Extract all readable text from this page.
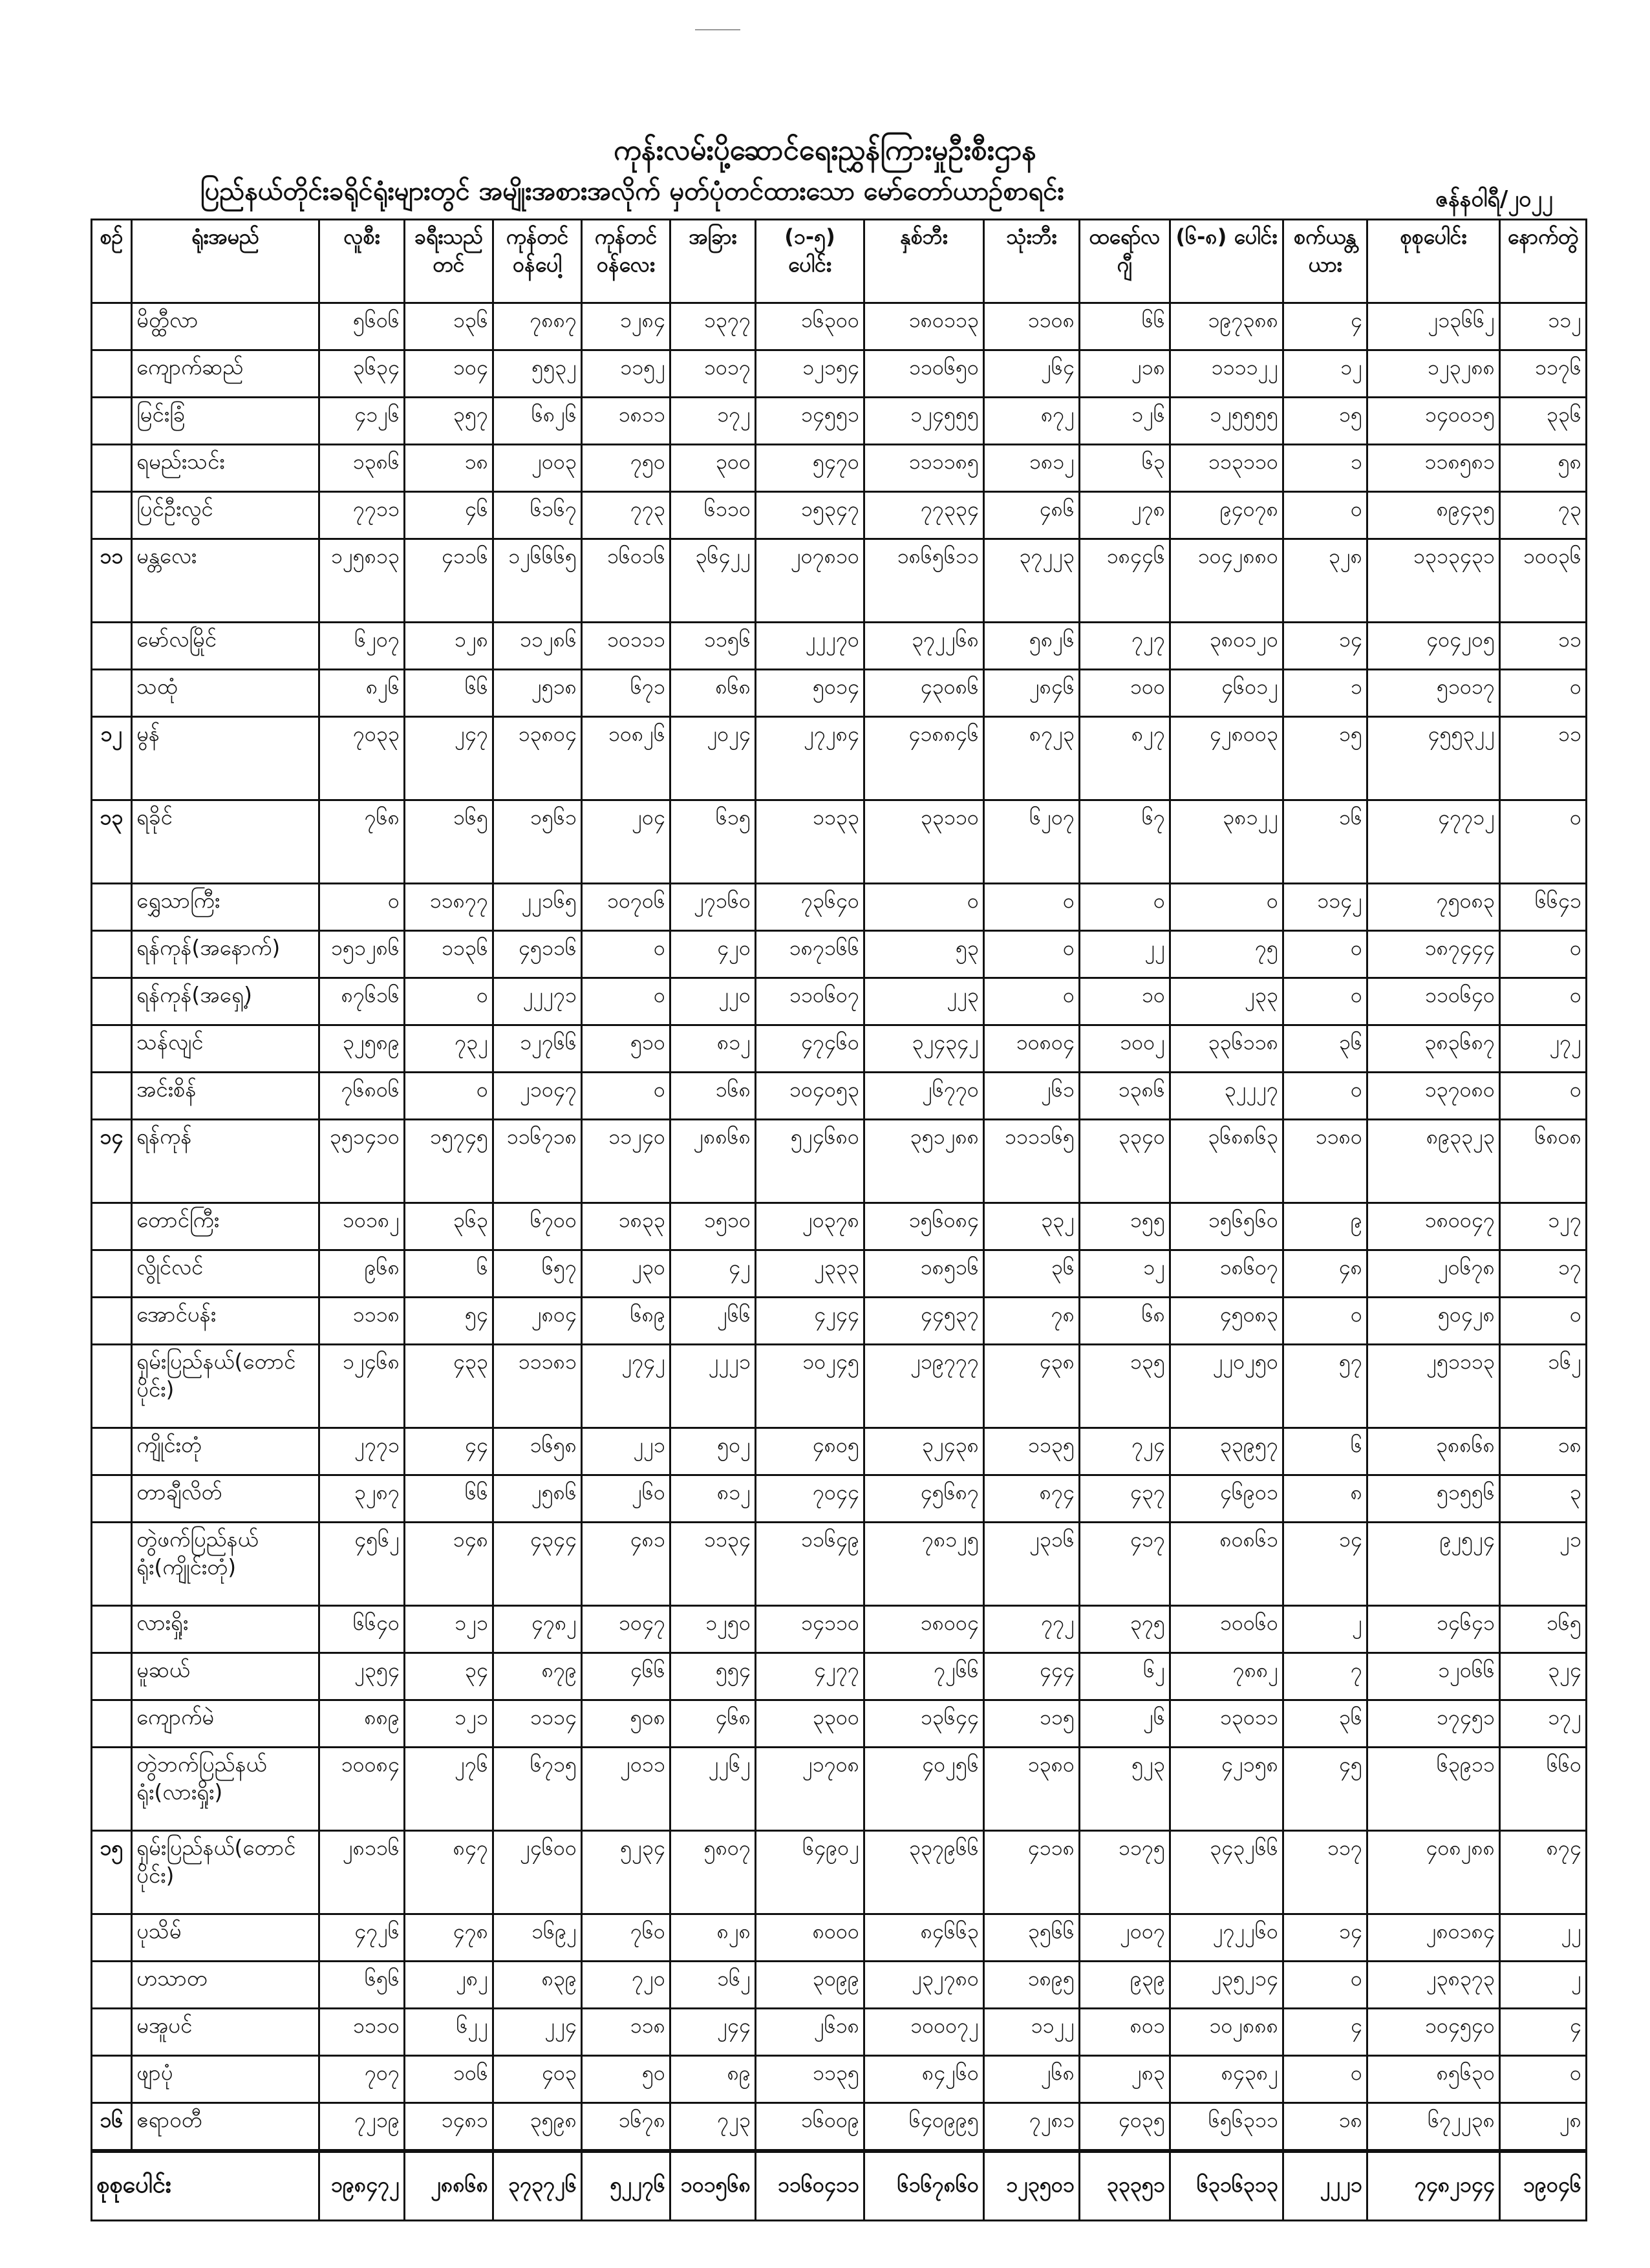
ကုန်းလမ်းပို့ဆောင်ရေးညွှန်ကြားမှုဦးစီးဌာန
ပြည်နယ်တိုင်းခရိုင်ရုံးများတွင် အမျိုးအစားအလိုက် မှတ်ပုံတင်ထားသော မော်တော်ယာဉ်စာရင်း	ဇန်နဝါရီ/၂၀၂၂
စဉ်	ရုံးအမည်	လူစီး	ခရီးသည် တင်	ကုန်တင် ဝန်ပေါ့	ကုန်တင် ဝန်လေး	အခြား	(၁-၅) ပေါင်း	နှစ်ဘီး	သုံးဘီး	ထရော်လ ဂျီ	(၆-၈) ပေါင်း	စက်ယန္တယား	စုစုပေါင်း	နောက်တွဲ
	မိတ္ထီလာ	၅၆၀၆	၁၃၆	၇၈၈၇	၁၂၈၄	၁၃၇၇	၁၆၃၀၀	၁၈၀၁၁၃	၁၁၀၈	၆၆	၁၉၇၃၈၈	၄	၂၁၃၆၆၂	၁၁၂
	ကျောက်ဆည်	၃၆၃၄	၁၀၄	၅၅၃၂	၁၁၅၂	၁၀၁၇	၁၂၁၅၄	၁၁၀၆၅၀	၂၆၄	၂၁၈	၁၁၁၁၂၂	၁၂	၁၂၃၂၈၈	၁၁၇၆
	မြင်းခြံ	၄၁၂၆	၃၅၇	၆၈၂၆	၁၈၁၁	၁၇၂	၁၄၅၅၁	၁၂၄၅၅၅	၈၇၂	၁၂၆	၁၂၅၅၅၅	၁၅	၁၄၀၀၁၅	၃၃၆
	ရမည်းသင်း	၁၃၈၆	၁၈	၂၀၀၃	၇၅၀	၃၀၀	၅၄၇၀	၁၁၁၁၈၅	၁၈၁၂	၆၃	၁၁၃၁၁၀	၁	၁၁၈၅၈၁	၅၈
	ပြင်ဦးလွင်	၇၇၁၁	၄၆	၆၁၆၇	၇၇၃	၆၁၁၀	၁၅၃၄၇	၇၇၃၃၄	၄၈၆	၂၇၈	၉၄၀၇၈	၀	၈၉၄၃၅	၇၃
၁၁	မန္တလေး	၁၂၅၈၁၃	၄၁၁၆	၁၂၆၆၆၅	၁၆၀၁၆	၃၆၄၂၂	၂၀၇၈၁၀	၁၈၆၅၆၁၁	၃၇၂၂၃	၁၈၄၄၆	၁၀၄၂၈၈၀	၃၂၈	၁၃၁၃၄၃၁	၁၀၀၃၆
	မော်လမြိုင်	၆၂၀၇	၁၂၈	၁၁၂၈၆	၁၀၁၁၁	၁၁၅၆	၂၂၂၇၀	၃၇၂၂၆၈	၅၈၂၆	၇၂၇	၃၈၀၁၂၀	၁၄	၄၀၄၂၀၅	၁၁
	သထုံ	၈၂၆	၆၆	၂၅၁၈	၆၇၁	၈၆၈	၅၀၁၄	၄၃၀၈၆	၂၈၄၆	၁၀၀	၄၆၀၁၂	၁	၅၁၀၁၇	၀
၁၂	မွန်	၇၀၃၃	၂၄၇	၁၃၈၀၄	၁၀၈၂၆	၂၀၂၄	၂၇၂၈၄	၄၁၈၈၄၆	၈၇၂၃	၈၂၇	၄၂၈၀၀၃	၁၅	၄၅၅၃၂၂	၁၁
၁၃	ရခိုင်	၇၆၈	၁၆၅	၁၅၆၁	၂၀၄	၆၁၅	၁၁၃၃	၃၃၁၁၀	၆၂၀၇	၆၇	၃၈၁၂၂	၁၆	၄၇၇၁၂	၀
	ရွှေသာကြီး	၀	၁၁၈၇၇	၂၂၁၆၅	၁၀၇၀၆	၂၇၁၆၀	၇၃၆၄၀	၀	၀	၀	၀	၁၁၄၂	၇၅၀၈၃	၆၆၄၁
	ရန်ကုန်(အနောက်)	၁၅၁၂၈၆	၁၁၃၆	၄၅၁၁၆	၀	၄၂၀	၁၈၇၁၆၆	၅၃	၀	၂၂	၇၅	၀	၁၈၇၄၄၄	၀
	ရန်ကုန်(အရှေ့)	၈၇၆၁၆	၀	၂၂၂၇၁	၀	၂၂၀	၁၁၀၆၀၇	၂၂၃	၀	၁၀	၂၃၃	၀	၁၁၀၆၄၀	၀
	သန်လျင်	၃၂၅၈၉	၇၃၂	၁၂၇၆၆	၅၁၀	၈၁၂	၄၇၄၆၀	၃၂၄၃၄၂	၁၀၈၀၄	၁၀၀၂	၃၃၆၁၁၈	၃၆	၃၈၃၆၈၇	၂၇၂
	အင်းစိန်	၇၆၈၀၆	၀	၂၁၀၄၇	၀	၁၆၈	၁၀၄၀၅၃	၂၆၇၇၀	၂၆၁	၁၃၈၆	၃၂၂၂၇	၀	၁၃၇၀၈၀	၀
၁၄	ရန်ကုန်	၃၅၁၄၁၀	၁၅၇၄၅	၁၁၆၇၁၈	၁၁၂၄၀	၂၈၈၆၈	၅၂၄၆၈၀	၃၅၁၂၈၈	၁၁၁၁၆၅	၃၃၄၀	၃၆၈၈၆၃	၁၁၈၀	၈၉၃၃၂၃	၆၈၀၈
	တောင်ကြီး	၁၀၁၈၂	၃၆၃	၆၇၀၀	၁၈၃၃	၁၅၁၀	၂၀၃၇၈	၁၅၆၀၈၄	၃၃၂	၁၅၅	၁၅၆၅၆၀	၉	၁၈၀၀၄၇	၁၂၇
	လွိုင်လင်	၉၆၈	၆	၆၅၇	၂၃၀	၄၂	၂၃၃၃	၁၈၅၁၆	၃၆	၁၂	၁၈၆၀၇	၄၈	၂၀၆၇၈	၁၇
	အောင်ပန်း	၁၁၁၈	၅၄	၂၈၀၄	၆၈၉	၂၆၆	၄၂၄၄	၄၄၅၃၇	၇၈	၆၈	၄၅၀၈၃	၀	၅၀၄၂၈	၀
	ရှမ်းပြည်နယ်(တောင်ပိုင်း)	၁၂၄၆၈	၄၃၃	၁၁၁၈၁	၂၇၄၂	၂၂၂၁	၁၀၂၄၅	၂၁၉၇၇၇	၄၃၈	၁၃၅	၂၂၀၂၅၀	၅၇	၂၅၁၁၁၃	၁၆၂
	ကျိုင်းတုံ	၂၇၇၁	၄၄	၁၆၅၈	၂၂၁	၅၀၂	၄၈၀၅	၃၂၄၃၈	၁၁၃၅	၇၂၄	၃၃၉၅၇	၆	၃၈၈၆၈	၁၈
	တာချီလိတ်	၃၂၈၇	၆၆	၂၅၈၆	၂၆၀	၈၁၂	၇၀၄၄	၄၅၆၈၇	၈၇၄	၄၃၇	၄၆၉၀၁	၈	၅၁၅၅၆	၃
	တွဲဖက်ပြည်နယ်ရုံး(ကျိုင်းတုံ)	၄၅၆၂	၁၄၈	၄၃၄၄	၄၈၁	၁၁၃၄	၁၁၆၄၉	၇၈၁၂၅	၂၃၁၆	၄၁၇	၈၀၈၆၁	၁၄	၉၂၅၂၄	၂၁
	လားရှိုး	၆၆၄၀	၁၂၁	၄၇၈၂	၁၀၄၇	၁၂၅၀	၁၄၁၁၀	၁၈၀၀၄	၇၇၂	၃၇၅	၁၀၀၆၀	၂	၁၄၆၄၁	၁၆၅
	မူဆယ်	၂၃၅၄	၃၄	၈၇၉	၄၆၆	၅၅၄	၄၂၇၇	၇၂၆၆	၄၄၄	၆၂	၇၈၈၂	၇	၁၂၀၆၆	၃၂၄
	ကျောက်မဲ	၈၈၉	၁၂၁	၁၁၁၄	၅၀၈	၄၆၈	၃၃၀၀	၁၃၆၄၄	၁၁၅	၂၆	၁၃၀၁၁	၃၆	၁၇၄၅၁	၁၇၂
	တွဲဘက်ပြည်နယ်ရုံး(လားရှိုး)	၁၀၀၈၄	၂၇၆	၆၇၁၅	၂၀၁၁	၂၂၆၂	၂၁၇၀၈	၄၀၂၅၆	၁၃၈၀	၅၂၃	၄၂၁၅၈	၄၅	၆၃၉၁၁	၆၆၀
၁၅	ရှမ်းပြည်နယ်(တောင်ပိုင်း)	၂၈၁၁၆	၈၄၇	၂၄၆၀၀	၅၂၃၄	၅၈၀၇	၆၄၉၀၂	၃၃၇၉၆၆	၄၁၁၈	၁၁၇၅	၃၄၃၂၆၆	၁၁၇	၄၀၈၂၈၈	၈၇၄
	ပုသိမ်	၄၇၂၆	၄၇၈	၁၆၉၂	၇၆၀	၈၂၈	၈၀၀၀	၈၄၆၆၃	၃၅၆၆	၂၀၀၇	၂၇၂၂၆၀	၁၄	၂၈၀၁၈၄	၂၂
	ဟသာတ	၆၅၆	၂၈၂	၈၃၉	၇၂၀	၁၆၂	၃၀၉၉	၂၃၂၇၈၀	၁၈၉၅	၉၃၉	၂၃၅၂၁၄	၀	၂၃၈၃၇၃	၂
	မအူပင်	၁၁၁၀	၆၂၂	၂၂၄	၁၁၈	၂၄၄	၂၆၁၈	၁၀၀၀၇၂	၁၁၂၂	၈၀၁	၁၀၂၈၈၈	၄	၁၀၄၅၄၀	၄
	ဖျာပုံ	၇၀၇	၁၀၆	၄၀၃	၅၀	၈၉	၁၁၃၅	၈၄၂၆၀	၂၆၈	၂၈၃	၈၄၃၈၂	၀	၈၅၆၃၀	၀
၁၆	ဧရာဝတီ	၇၂၁၉	၁၄၈၁	၃၅၉၈	၁၆၇၈	၇၂၃	၁၆၀၀၉	၆၄၀၉၉၅	၇၂၈၁	၄၀၃၅	၆၅၆၃၁၁	၁၈	၆၇၂၂၃၈	၂၈
စုစုပေါင်း		၁၉၈၄၇၂	၂၈၈၆၈	၃၇၃၇၂၆	၅၂၂၇၆	၁၀၁၅၆၈	၁၁၆၀၄၁၁	၆၁၆၇၈၆၀	၁၂၃၅၀၁	၃၃၃၅၁	၆၃၁၆၃၁၃	၂၂၂၁	၇၄၈၂၁၄၄	၁၉၀၄၆
